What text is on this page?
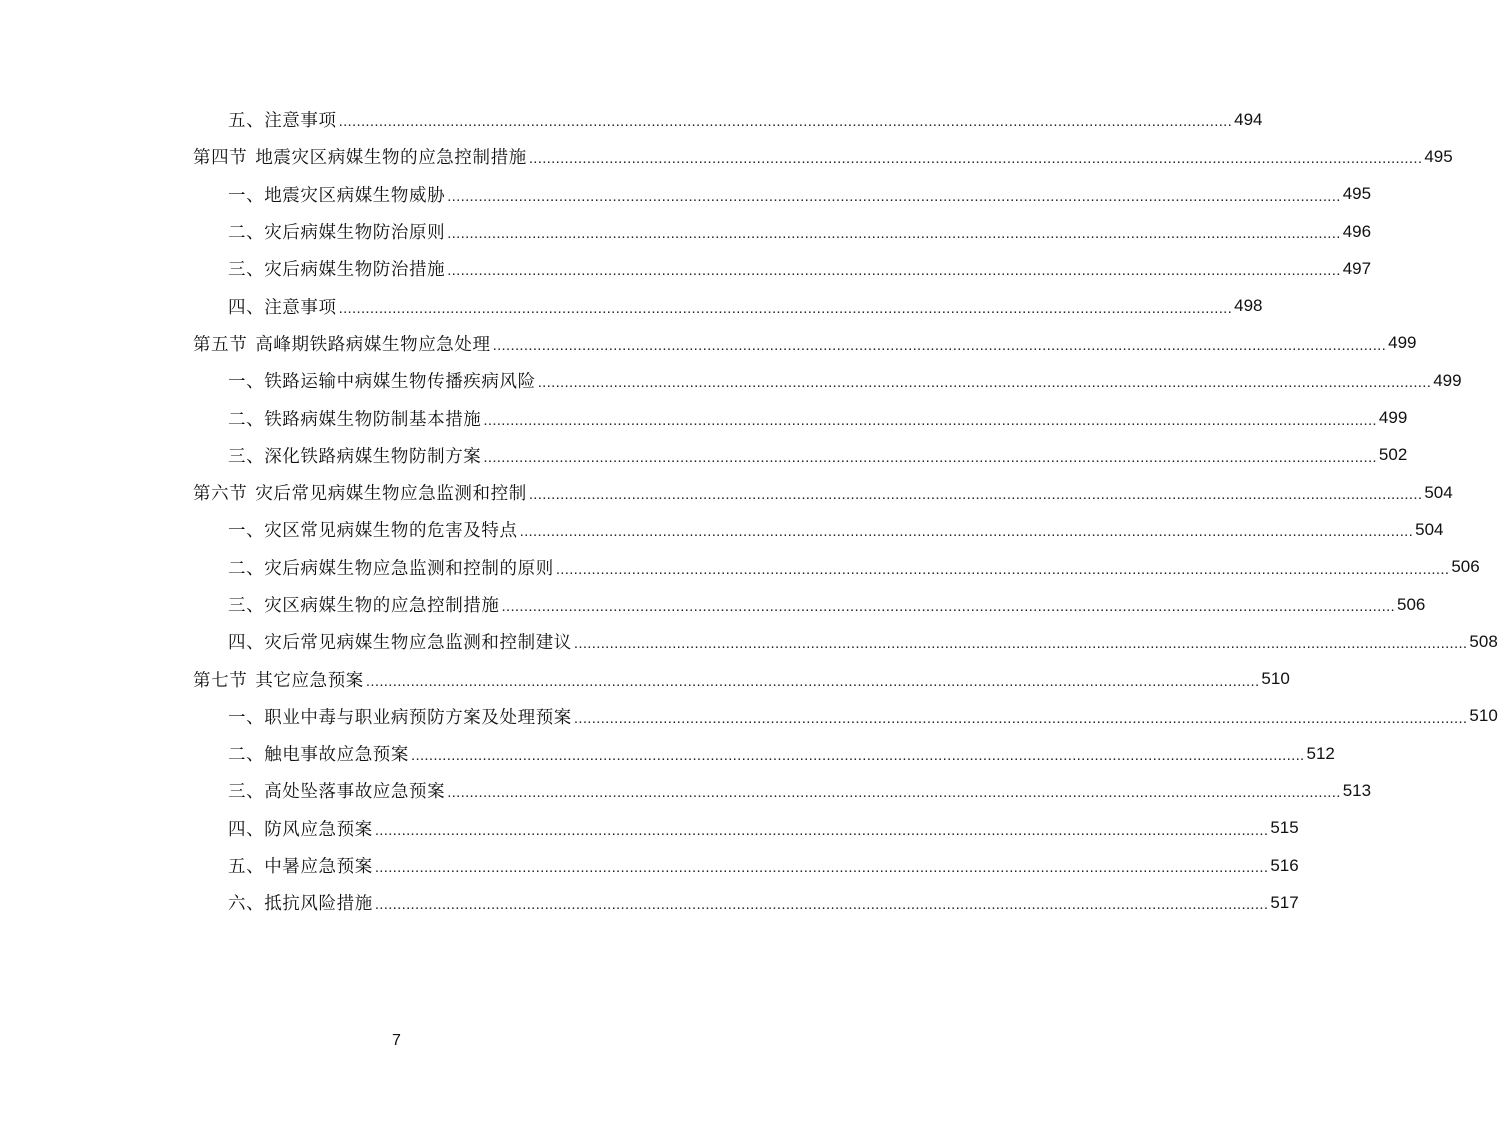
五、注意事项 ........................................................................................................................................................................................................ 494
第四节 地震灾区病媒生物的应急控制措施 ........................................................................................................................................................................................................ 495
一、地震灾区病媒生物威胁 ........................................................................................................................................................................................................ 495
二、灾后病媒生物防治原则 ........................................................................................................................................................................................................ 496
三、灾后病媒生物防治措施 ........................................................................................................................................................................................................ 497
四、注意事项 ........................................................................................................................................................................................................ 498
第五节 高峰期铁路病媒生物应急处理 ........................................................................................................................................................................................................ 499
一、铁路运输中病媒生物传播疾病风险 ........................................................................................................................................................................................................ 499
二、铁路病媒生物防制基本措施 ........................................................................................................................................................................................................ 499
三、深化铁路病媒生物防制方案 ........................................................................................................................................................................................................ 502
第六节 灾后常见病媒生物应急监测和控制 ........................................................................................................................................................................................................ 504
一、灾区常见病媒生物的危害及特点 ........................................................................................................................................................................................................ 504
二、灾后病媒生物应急监测和控制的原则 ........................................................................................................................................................................................................ 506
三、灾区病媒生物的应急控制措施 ........................................................................................................................................................................................................ 506
四、灾后常见病媒生物应急监测和控制建议 ........................................................................................................................................................................................................ 508
第七节 其它应急预案 ........................................................................................................................................................................................................ 510
一、职业中毒与职业病预防方案及处理预案 ........................................................................................................................................................................................................ 510
二、触电事故应急预案 ........................................................................................................................................................................................................ 512
三、高处坠落事故应急预案 ........................................................................................................................................................................................................ 513
四、防风应急预案 ........................................................................................................................................................................................................ 515
五、中暑应急预案 ........................................................................................................................................................................................................ 516
六、抵抗风险措施 ........................................................................................................................................................................................................ 517
7
